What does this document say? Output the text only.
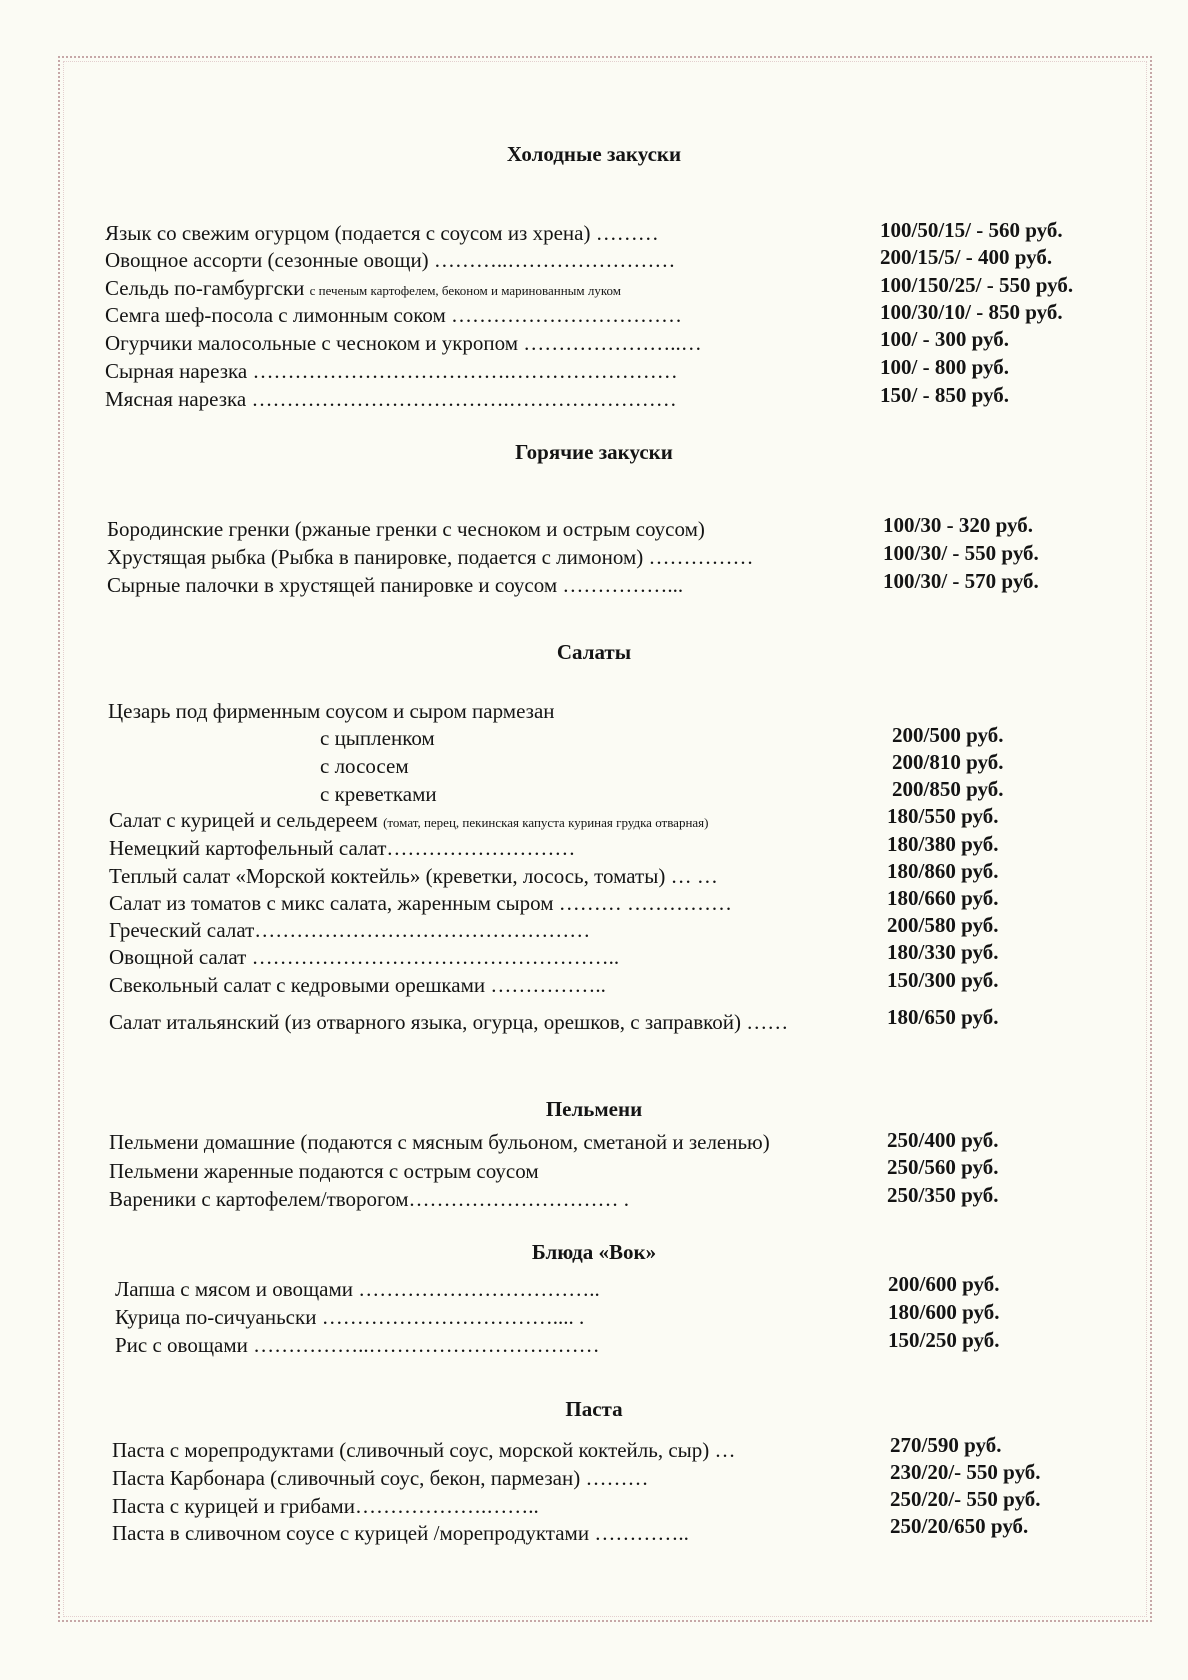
Холодные закуски
Язык со свежим огурцом (подается с соусом из хрена) ………	100/50/15/ - 560 руб.
Овощное ассорти (сезонные овощи) ………..……………………	200/15/5/ - 400 руб.
Сельдь по-гамбургски с печеным картофелем, беконом и маринованным луком	100/150/25/ - 550 руб.
Семга шеф-посола с лимонным соком ……………………………	100/30/10/ - 850 руб.
Огурчики малосольные с чесноком и укропом …………………..…	100/ - 300 руб.
Сырная нарезка ……………………………….……………………	100/ - 800 руб.
Мясная нарезка ……………………………….……………………	150/ - 850 руб.
Горячие закуски
Бородинские гренки (ржаные гренки с чесноком и острым соусом)	100/30 - 320 руб.
Хрустящая рыбка (Рыбка в панировке, подается с лимоном) ……………	100/30/ - 550 руб.
Сырные палочки в хрустящей панировке и соусом ……………...	100/30/ - 570 руб.
Салаты
Цезарь под фирменным соусом и сыром пармезан
с цыпленком	200/500 руб.
с лососем	200/810 руб.
с креветками	200/850 руб.
Салат с курицей и сельдереем (томат, перец, пекинская капуста куриная грудка отварная)	180/550 руб.
Немецкий картофельный салат………………………	180/380 руб.
Теплый салат «Морской коктейль» (креветки, лосось, томаты) … …	180/860 руб.
Салат из томатов с микс салата, жаренным сыром ……… ……………	180/660 руб.
Греческий салат…………………………………………	200/580 руб.
Овощной салат ……………………………………………..	180/330 руб.
Свекольный салат с кедровыми орешками ……………..	150/300 руб.
Салат итальянский (из отварного языка, огурца, орешков, с заправкой) ……	180/650 руб.
Пельмени
Пельмени домашние (подаются с мясным бульоном, сметаной и зеленью)	250/400 руб.
Пельмени жаренные подаются с острым соусом	250/560 руб.
Вареники с картофелем/творогом………………………… .	250/350 руб.
Блюда «Вок»
Лапша с мясом и овощами ……………………………..	200/600 руб.
Курица по-сичуаньски …………………………….... .	180/600 руб.
Рис с овощами ……………..……………………………	150/250 руб.
Паста
Паста с морепродуктами (сливочный соус, морской коктейль, сыр) …	270/590 руб.
Паста Карбонара (сливочный соус, бекон, пармезан) ………	230/20/- 550 руб.
Паста с курицей и грибами……………….……..	250/20/- 550 руб.
Паста в сливочном соусе с курицей /морепродуктами …………..	250/20/650 руб.
